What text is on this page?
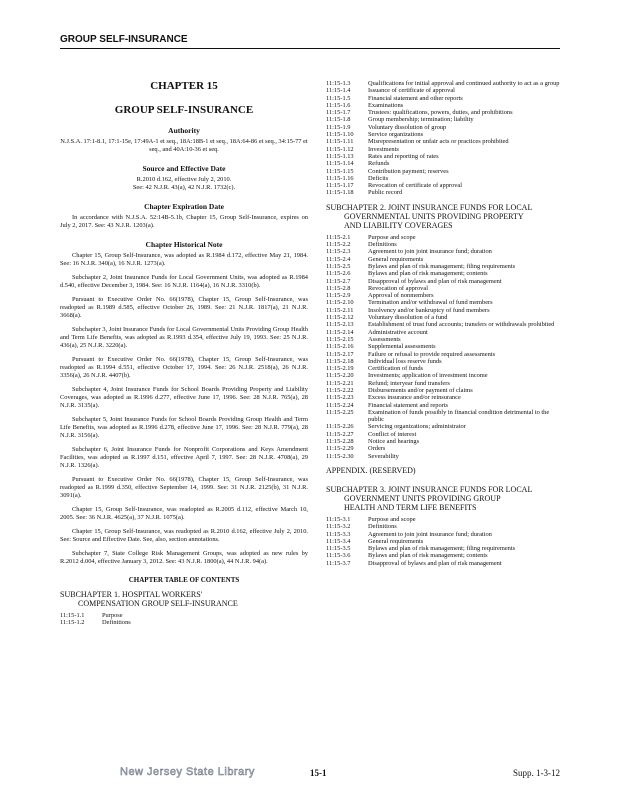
GROUP SELF-INSURANCE

CHAPTER 15

GROUP SELF-INSURANCE

Authority
N.J.S.A. 17:1-8.1, 17:1-15e, 17:49A-1 et seq., 18A:18B-1 et seq., 18A:64-86 et seq., 34:15-77 et seq., and 40A:10-36 et seq.
Source and Effective Date
R.2010 d.162, effective July 2, 2010.
See: 42 N.J.R. 43(a), 42 N.J.R. 1732(c).
Chapter Expiration Date

In accordance with N.J.S.A. 52:14B-5.1b, Chapter 15, Group Self-Insurance, expires on July 2, 2017. See: 43 N.J.R. 1203(a).

Chapter Historical Note

Chapter 15, Group Self-Insurance, was adopted as R.1984 d.172, effective May 21, 1984. See: 16 N.J.R. 340(a), 16 N.J.R. 1273(a).

Subchapter 2, Joint Insurance Funds for Local Government Units, was adopted as R.1984 d.540, effective December 3, 1984. See: 16 N.J.R. 1164(a), 16 N.J.R. 3310(b).

Pursuant to Executive Order No. 66(1978), Chapter 15, Group Self-Insurance, was readopted as R.1989 d.585, effective October 26, 1989. See: 21 N.J.R. 1817(a), 21 N.J.R. 3668(a).

Subchapter 3, Joint Insurance Funds for Local Governmental Units Providing Group Health and Term Life Benefits, was adopted as R.1993 d.354, effective July 19, 1993. See: 25 N.J.R. 436(a), 25 N.J.R. 3220(a).

Pursuant to Executive Order No. 66(1978), Chapter 15, Group Self-Insurance, was readopted as R.1994 d.551, effective October 17, 1994. See: 26 N.J.R. 2518(a), 26 N.J.R. 3356(a), 26 N.J.R. 4407(b).

Subchapter 4, Joint Insurance Funds for School Boards Providing Property and Liability Coverages, was adopted as R.1996 d.277, effective June 17, 1996. See: 28 N.J.R. 765(a), 28 N.J.R. 3135(a).

Subchapter 5, Joint Insurance Funds for School Boards Providing Group Health and Term Life Benefits, was adopted as R.1996 d.278, effective June 17, 1996. See: 28 N.J.R. 779(a), 28 N.J.R. 3156(a).

Subchapter 6, Joint Insurance Funds for Nonprofit Corporations and Keys Amendment Facilities, was adopted as R.1997 d.151, effective April 7, 1997. See: 28 N.J.R. 4708(a), 29 N.J.R. 1326(a).

Pursuant to Executive Order No. 66(1978), Chapter 15, Group Self-Insurance, was readopted as R.1999 d.350, effective September 14, 1999. See: 31 N.J.R. 2125(b), 31 N.J.R. 3091(a).

Chapter 15, Group Self-Insurance, was readopted as R.2005 d.112, effective March 10, 2005. See: 36 N.J.R. 4625(a), 37 N.J.R. 1075(a).

Chapter 15, Group Self-Insurance, was readopted as R.2010 d.162, effective July 2, 2010. See: Source and Effective Date. See, also, section annotations.

Subchapter 7, State College Risk Management Groups, was adopted as new rules by R.2012 d.004, effective January 3, 2012. See: 43 N.J.R. 1800(a), 44 N.J.R. 94(a).

CHAPTER TABLE OF CONTENTS
SUBCHAPTER 1. HOSPITAL WORKERS'
COMPENSATION GROUP SELF-INSURANCE
11:15-1.1	Purpose
11:15-1.2	Definitions
11:15-1.3	Qualifications for initial approval and continued authority to act as a group
11:15-1.4	Issuance of certificate of approval
11:15-1.5	Financial statement and other reports
11:15-1.6	Examinations
11:15-1.7	Trustees: qualifications, powers, duties, and prohibitions
11:15-1.8	Group membership; termination; liability
11:15-1.9	Voluntary dissolution of group
11:15-1.10	Service organizations
11:15-1.11	Misrepresentation or unfair acts or practices prohibited
11:15-1.12	Investments
11:15-1.13	Rates and reporting of rates
11:15-1.14	Refunds
11:15-1.15	Contribution payment; reserves
11:15-1.16	Deficits
11:15-1.17	Revocation of certificate of approval
11:15-1.18	Public record
SUBCHAPTER 2. JOINT INSURANCE FUNDS FOR LOCAL
GOVERNMENTAL UNITS PROVIDING PROPERTY
AND LIABILITY COVERAGES
11:15-2.1	Purpose and scope
11:15-2.2	Definitions
11:15-2.3	Agreement to join joint insurance fund; duration
11:15-2.4	General requirements
11:15-2.5	Bylaws and plan of risk management; filing requirements
11:15-2.6	Bylaws and plan of risk management; contents
11:15-2.7	Disapproval of bylaws and plan of risk management
11:15-2.8	Revocation of approval
11:15-2.9	Approval of nonmembers
11:15-2.10	Termination and/or withdrawal of fund members
11:15-2.11	Insolvency and/or bankruptcy of fund members
11:15-2.12	Voluntary dissolution of a fund
11:15-2.13	Establishment of trust fund accounts; transfers or withdrawals prohibited
11:15-2.14	Administrative account
11:15-2.15	Assessments
11:15-2.16	Supplemental assessments
11:15-2.17	Failure or refusal to provide required assessments
11:15-2.18	Individual loss reserve funds
11:15-2.19	Certification of funds
11:15-2.20	Investments; application of investment income
11:15-2.21	Refund; interyear fund transfers
11:15-2.22	Disbursements and/or payment of claims
11:15-2.23	Excess insurance and/or reinsurance
11:15-2.24	Financial statement and reports
11:15-2.25	Examination of funds possibly in financial condition detrimental to the public
11:15-2.26	Servicing organizations; administrator
11:15-2.27	Conflict of interest
11:15-2.28	Notice and hearings
11:15-2.29	Orders
11:15-2.30	Severability
APPENDIX. (RESERVED)
SUBCHAPTER 3. JOINT INSURANCE FUNDS FOR LOCAL
GOVERNMENT UNITS PROVIDING GROUP
HEALTH AND TERM LIFE BENEFITS
11:15-3.1	Purpose and scope
11:15-3.2	Definitions
11:15-3.3	Agreement to join joint insurance fund; duration
11:15-3.4	General requirements
11:15-3.5	Bylaws and plan of risk management; filing requirements
11:15-3.6	Bylaws and plan of risk management; contents
11:15-3.7	Disapproval of bylaws and plan of risk management
New Jersey State Library	15-1	Supp. 1-3-12
